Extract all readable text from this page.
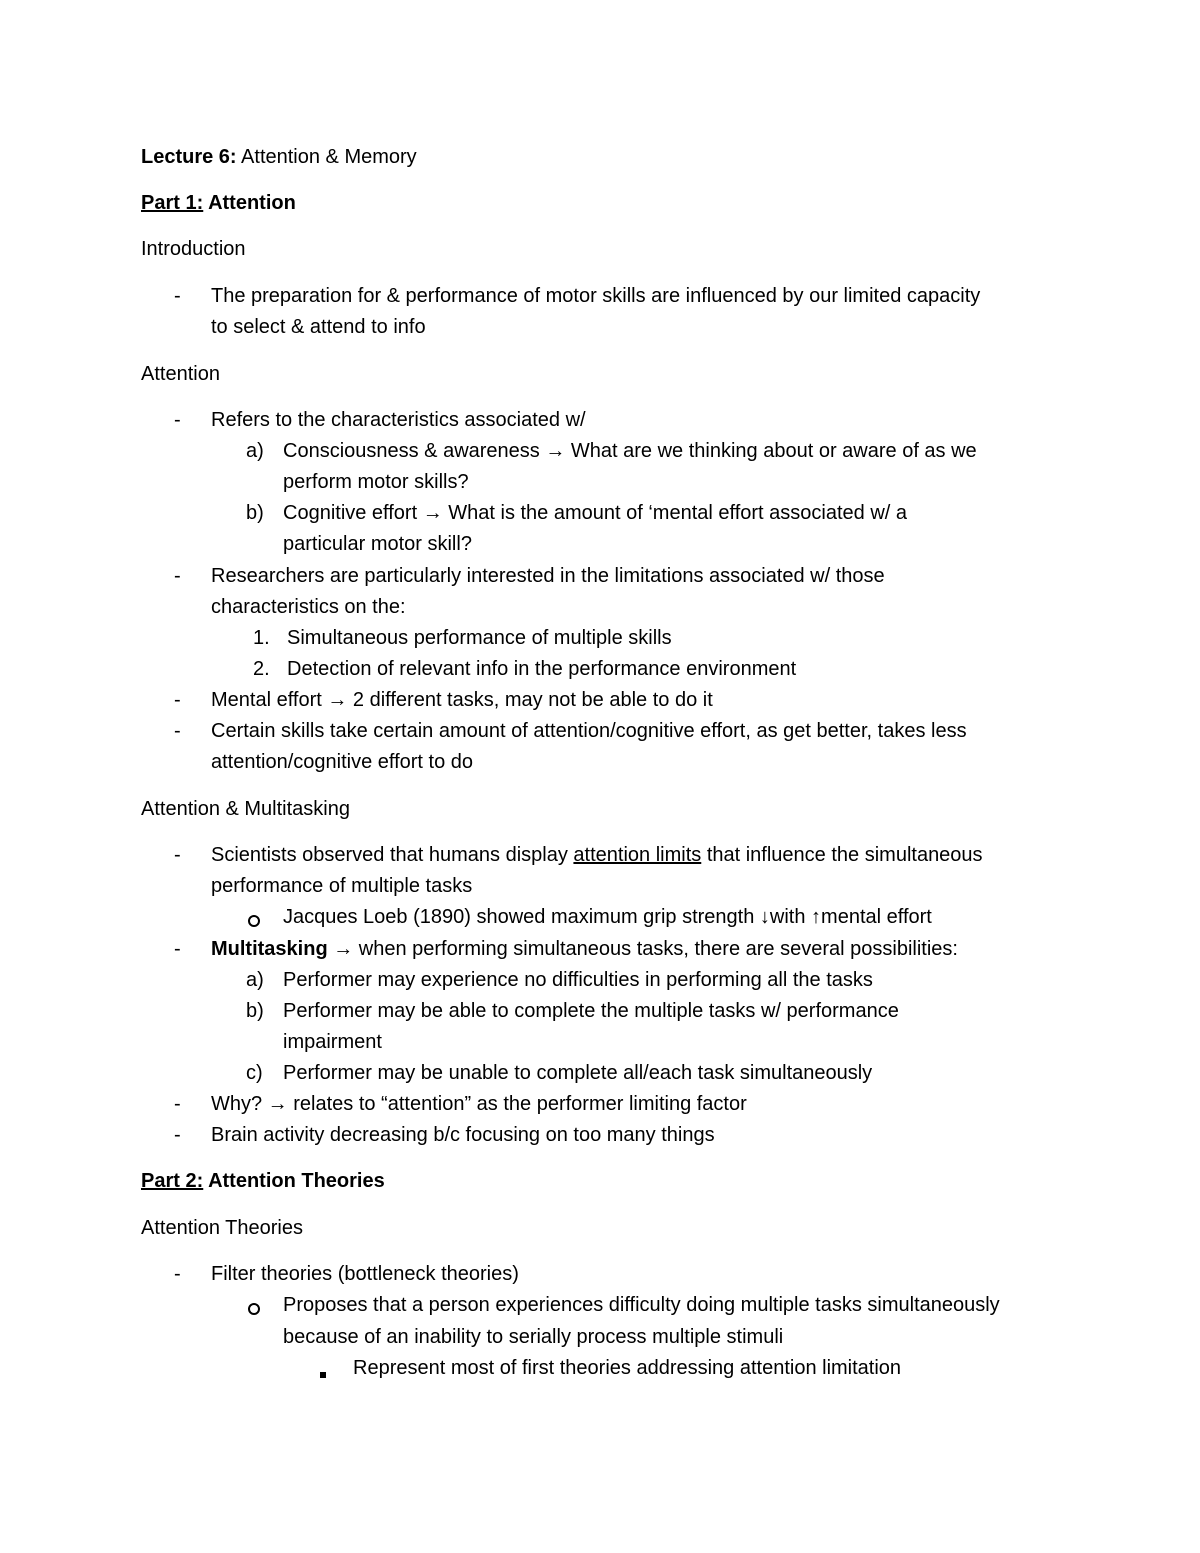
Lecture 6: Attention & Memory
Part 1: Attention
Introduction
- The preparation for & performance of motor skills are influenced by our limited capacity
to select & attend to info
Attention
- Refers to the characteristics associated w/
a) Consciousness & awareness → What are we thinking about or aware of as we
perform motor skills?
b) Cognitive effort → What is the amount of ‘mental effort associated w/ a
particular motor skill?
- Researchers are particularly interested in the limitations associated w/ those
characteristics on the:
1. Simultaneous performance of multiple skills
2. Detection of relevant info in the performance environment
- Mental effort → 2 different tasks, may not be able to do it
- Certain skills take certain amount of attention/cognitive effort, as get better, takes less
attention/cognitive effort to do
Attention & Multitasking
- Scientists observed that humans display attention limits that influence the simultaneous
performance of multiple tasks
Jacques Loeb (1890) showed maximum grip strength ↓with ↑mental effort
- Multitasking → when performing simultaneous tasks, there are several possibilities:
a) Performer may experience no difficulties in performing all the tasks
b) Performer may be able to complete the multiple tasks w/ performance
impairment
c) Performer may be unable to complete all/each task simultaneously
- Why? → relates to “attention” as the performer limiting factor
- Brain activity decreasing b/c focusing on too many things
Part 2: Attention Theories
Attention Theories
- Filter theories (bottleneck theories)
Proposes that a person experiences difficulty doing multiple tasks simultaneously
because of an inability to serially process multiple stimuli
Represent most of first theories addressing attention limitation
